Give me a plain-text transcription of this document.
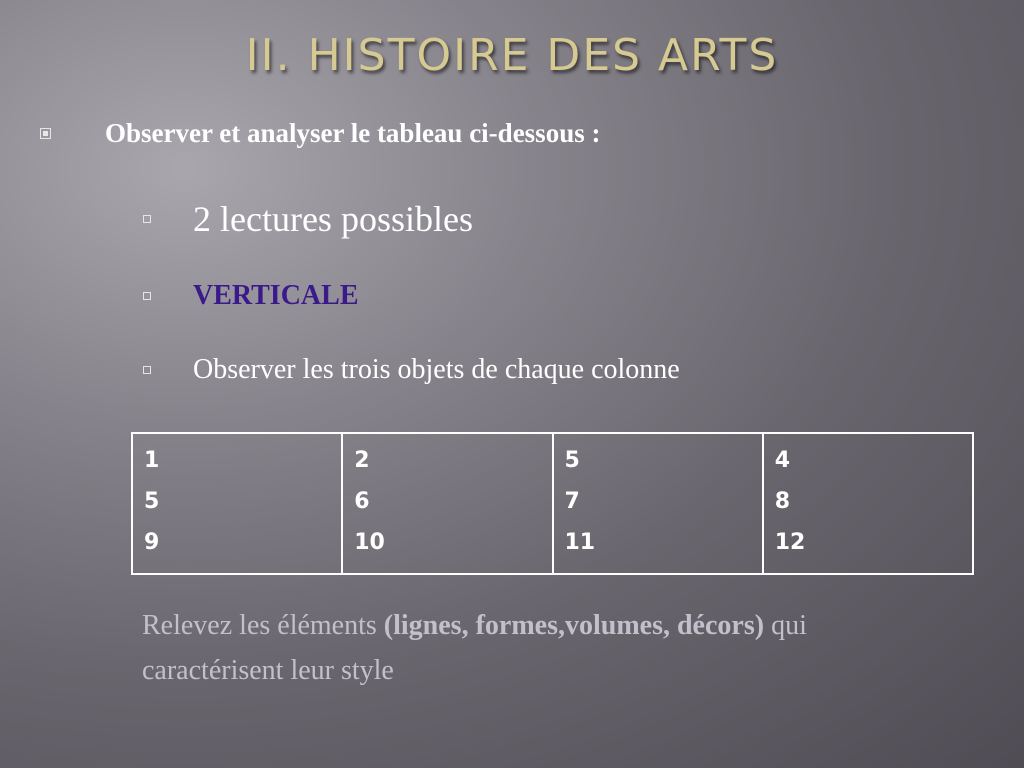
II. HISTOIRE DES ARTS
Observer et analyser le tableau ci-dessous :
2 lectures possibles
VERTICALE
Observer les trois objets de chaque colonne
1
5
9

2
6
10

5
7
11

4
8
12

Relevez les éléments (lignes, formes,volumes, décors) qui caractérisent leur style
